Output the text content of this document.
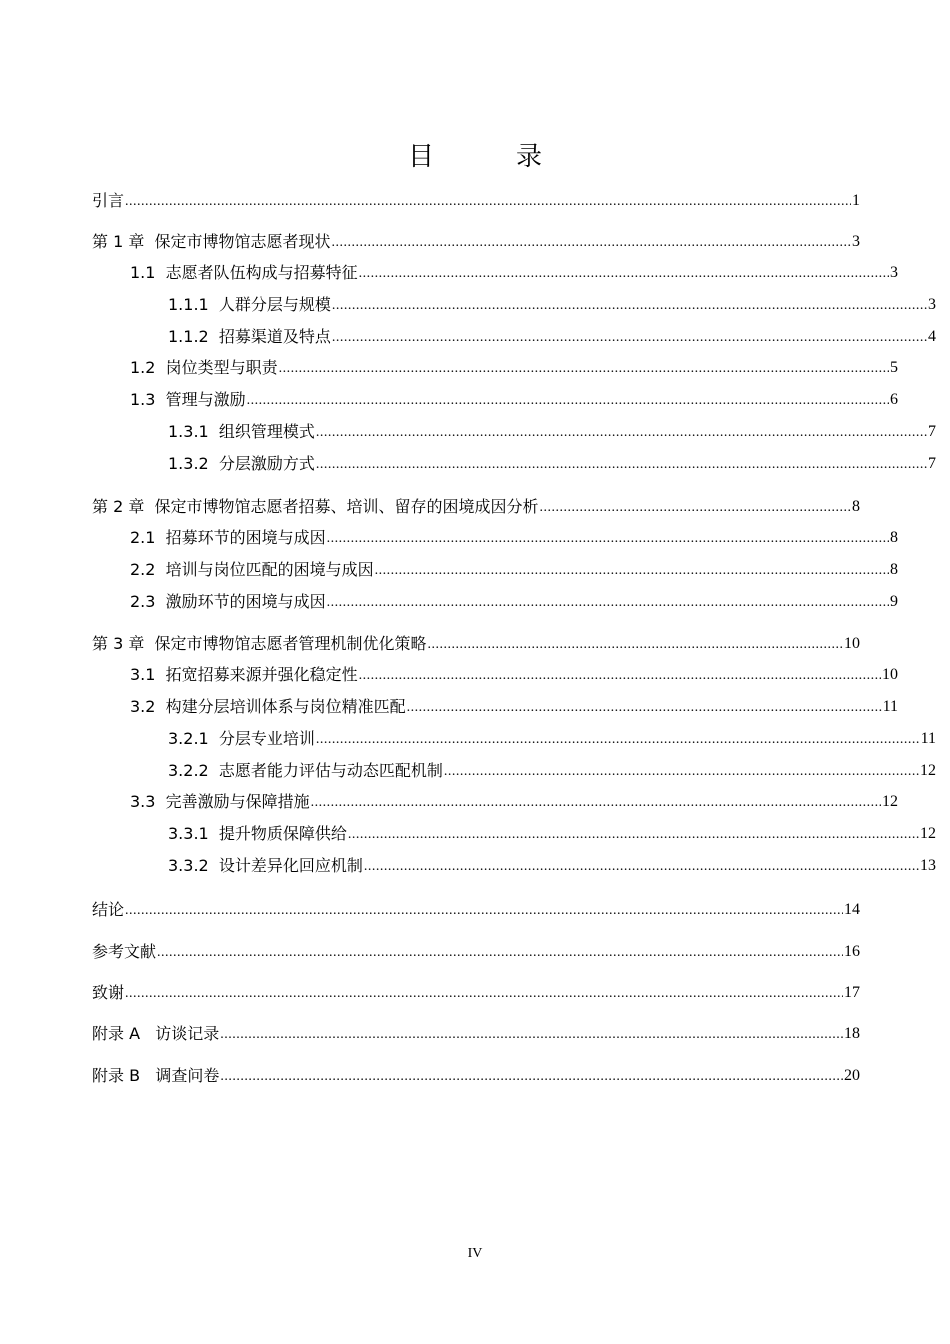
目　录
引言 .....	1
第 1 章  保定市博物馆志愿者现状 .....	3
1.1  志愿者队伍构成与招募特征 .....	3
1.1.1  人群分层与规模 .....	3
1.1.2  招募渠道及特点 .....	4
1.2  岗位类型与职责 .....	5
1.3  管理与激励 .....	6
1.3.1  组织管理模式 .....	7
1.3.2  分层激励方式 .....	7
第 2 章  保定市博物馆志愿者招募、培训、留存的困境成因分析 .....	8
2.1  招募环节的困境与成因 .....	8
2.2  培训与岗位匹配的困境与成因 .....	8
2.3  激励环节的困境与成因 .....	9
第 3 章  保定市博物馆志愿者管理机制优化策略 .....	10
3.1  拓宽招募来源并强化稳定性 .....	10
3.2  构建分层培训体系与岗位精准匹配 .....	11
3.2.1  分层专业培训 .....	11
3.2.2  志愿者能力评估与动态匹配机制 .....	12
3.3  完善激励与保障措施 .....	12
3.3.1  提升物质保障供给 .....	12
3.3.2  设计差异化回应机制 .....	13
结论 .....	14
参考文献 .....	16
致谢 .....	17
附录 A   访谈记录 .....	18
附录 B   调查问卷 .....	20
IV
